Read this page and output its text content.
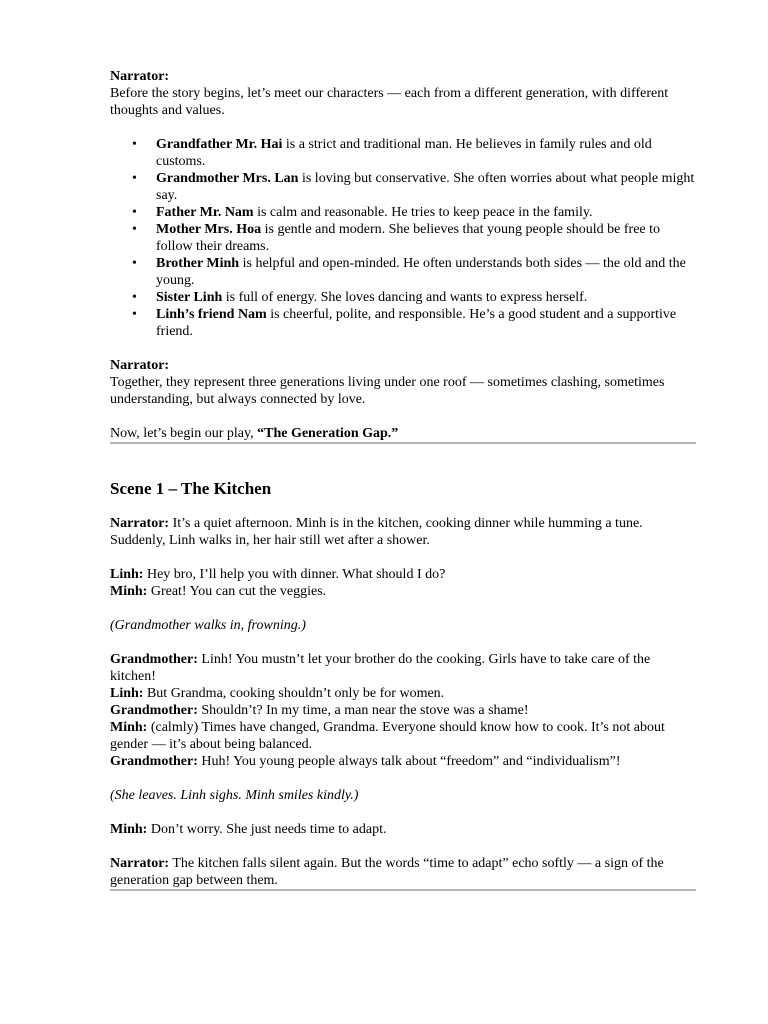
Narrator:

Before the story begins, let’s meet our characters — each from a different generation, with different thoughts and values.

• Grandfather Mr. Hai is a strict and traditional man. He believes in family rules and old customs.
• Grandmother Mrs. Lan is loving but conservative. She often worries about what people might say.
• Father Mr. Nam is calm and reasonable. He tries to keep peace in the family.
• Mother Mrs. Hoa is gentle and modern. She believes that young people should be free to follow their dreams.
• Brother Minh is helpful and open-minded. He often understands both sides — the old and the young.
• Sister Linh is full of energy. She loves dancing and wants to express herself.
• Linh’s friend Nam is cheerful, polite, and responsible. He’s a good student and a supportive friend.

Narrator:

Together, they represent three generations living under one roof — sometimes clashing, sometimes understanding, but always connected by love.

Now, let’s begin our play, “The Generation Gap.”

Scene 1 – The Kitchen

Narrator: It’s a quiet afternoon. Minh is in the kitchen, cooking dinner while humming a tune. Suddenly, Linh walks in, her hair still wet after a shower.

Linh: Hey bro, I’ll help you with dinner. What should I do?

Minh: Great! You can cut the veggies.

(Grandmother walks in, frowning.)

Grandmother: Linh! You mustn’t let your brother do the cooking. Girls have to take care of the kitchen!

Linh: But Grandma, cooking shouldn’t only be for women.

Grandmother: Shouldn’t? In my time, a man near the stove was a shame!

Minh: (calmly) Times have changed, Grandma. Everyone should know how to cook. It’s not about gender — it’s about being balanced.

Grandmother: Huh! You young people always talk about “freedom” and “individualism”!

(She leaves. Linh sighs. Minh smiles kindly.)

Minh: Don’t worry. She just needs time to adapt.

Narrator: The kitchen falls silent again. But the words “time to adapt” echo softly — a sign of the generation gap between them.
